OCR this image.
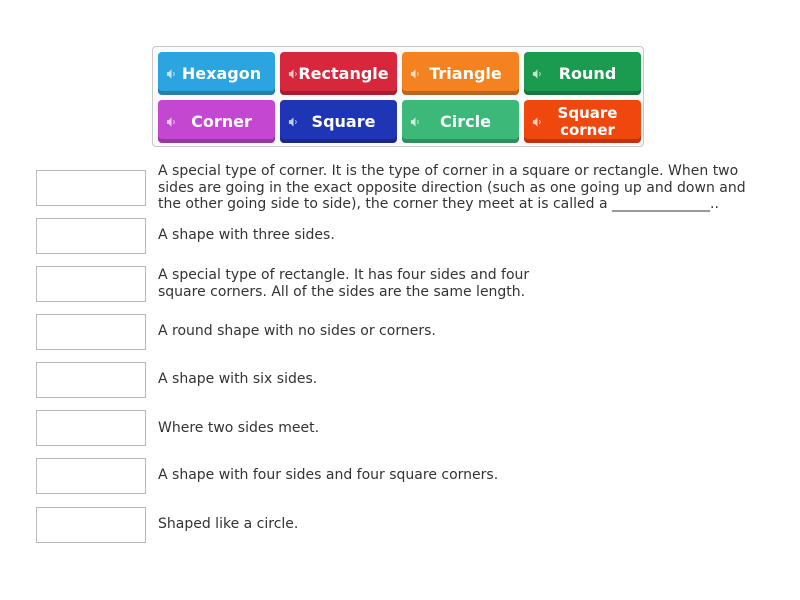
Hexagon	Rectangle	Triangle	Round
Corner	Square	Circle	Square corner
A special type of corner. It is the type of corner in a square or rectangle. When two
sides are going in the exact opposite direction (such as one going up and down and
the other going side to side), the corner they meet at is called a ______________..
A shape with three sides.
A special type of rectangle. It has four sides and four
square corners. All of the sides are the same length.
A round shape with no sides or corners.
A shape with six sides.
Where two sides meet.
A shape with four sides and four square corners.
Shaped like a circle.
